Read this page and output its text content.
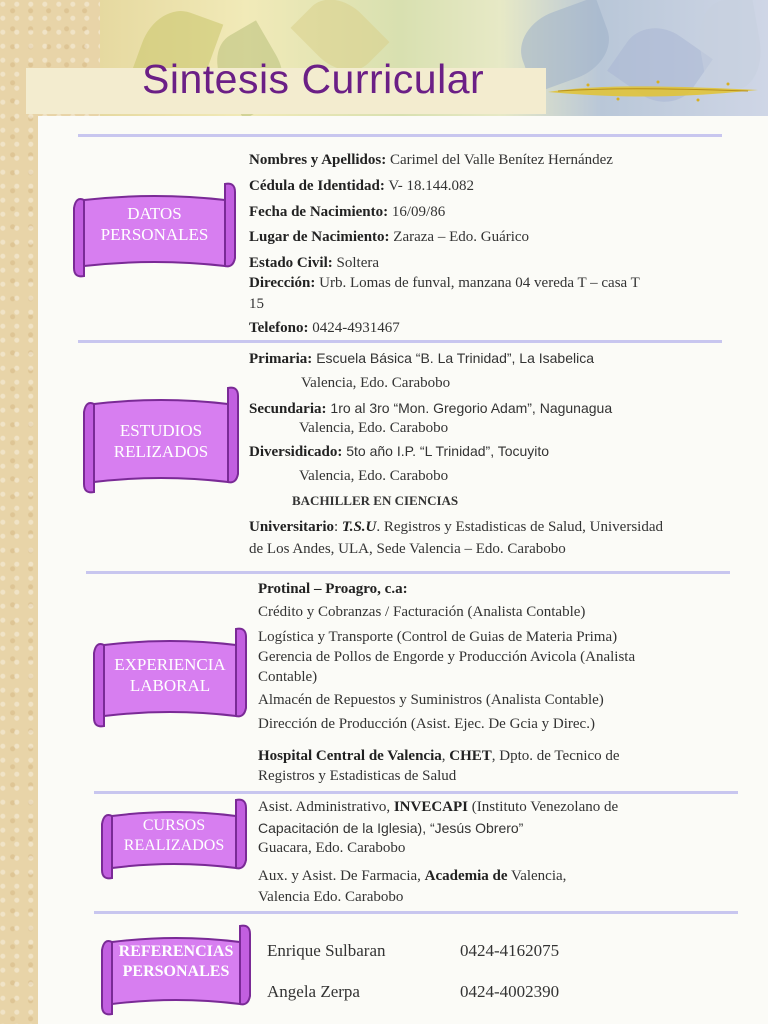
Sintesis Curricular
DATOS
PERSONALES
ESTUDIOS
RELIZADOS
EXPERIENCIA
LABORAL
CURSOS
REALIZADOS
REFERENCIAS
PERSONALES
Nombres y Apellidos: Carimel del Valle Benítez Hernández
Cédula de Identidad: V- 18.144.082
Fecha de Nacimiento: 16/09/86
Lugar de Nacimiento: Zaraza – Edo. Guárico
Estado Civil: Soltera
Dirección: Urb. Lomas de funval, manzana 04 vereda T – casa T
15
Telefono: 0424-4931467
Primaria: Escuela Básica “B. La Trinidad”, La Isabelica
Valencia, Edo. Carabobo
Secundaria: 1ro al 3ro “Mon. Gregorio Adam”, Nagunagua
Valencia, Edo. Carabobo
Diversidicado: 5to año I.P. “L Trinidad”, Tocuyito
Valencia, Edo. Carabobo
BACHILLER EN CIENCIAS
Universitario: T.S.U. Registros y Estadisticas de Salud, Universidad
de Los Andes, ULA, Sede Valencia – Edo. Carabobo
Protinal – Proagro, c.a:
Crédito y Cobranzas / Facturación (Analista Contable)
Logística y Transporte (Control de Guias de Materia Prima)
Gerencia de Pollos de Engorde y Producción Avicola (Analista
Contable)
Almacén de Repuestos y Suministros (Analista Contable)
Dirección de Producción (Asist. Ejec. De Gcia y Direc.)
Hospital Central de Valencia, CHET, Dpto. de Tecnico de
Registros y Estadisticas de Salud
Asist. Administrativo, INVECAPI (Instituto Venezolano de
Capacitación de la Iglesia), “Jesús Obrero”
Guacara, Edo. Carabobo
Aux. y Asist. De Farmacia, Academia de Valencia,
Valencia Edo. Carabobo
Enrique Sulbaran	0424-4162075
Angela Zerpa	0424-4002390
